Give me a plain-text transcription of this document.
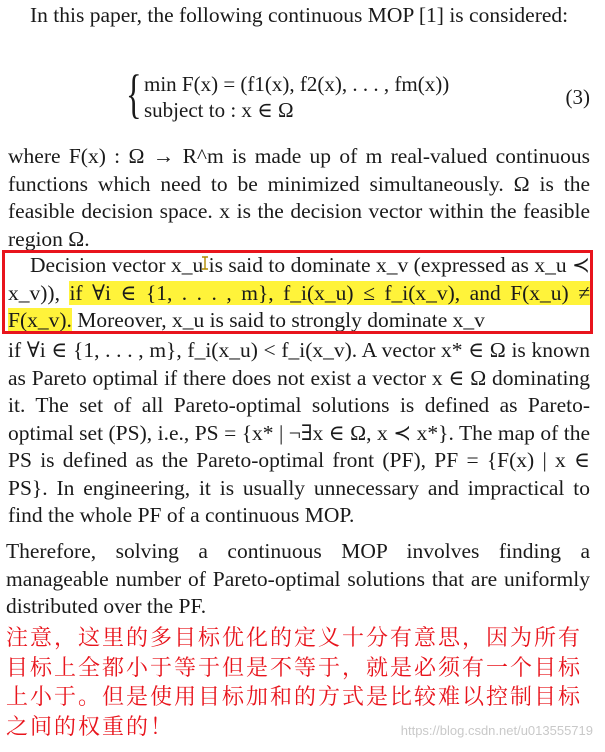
In this paper, the following continuous MOP [1] is considered:

{ min F(x) = (f1(x), f2(x), . . . , fm(x))
subject to : x ∈ Ω
(3)

where F(x) : Ω → R^m is made up of m real-valued continuous functions which need to be minimized simultaneously. Ω is the feasible decision space. x is the decision vector within the feasible region Ω.

Decision vector x_u is said to dominate x_v (expressed as x_u ≺ x_v)), if ∀i ∈ {1, . . . , m}, f_i(x_u) ≤ f_i(x_v), and F(x_u) ≠ F(x_v). Moreover, x_u is said to strongly dominate x_v

if ∀i ∈ {1, . . . , m}, f_i(x_u) < f_i(x_v). A vector x* ∈ Ω is known as Pareto optimal if there does not exist a vector x ∈ Ω dominating it. The set of all Pareto-optimal solutions is defined as Pareto-optimal set (PS), i.e., PS = {x* | ¬∃x ∈ Ω, x ≺ x*}. The map of the PS is defined as the Pareto-optimal front (PF), PF = {F(x) | x ∈ PS}. In engineering, it is usually unnecessary and impractical to find the whole PF of a continuous MOP.

Therefore, solving a continuous MOP involves finding a manageable number of Pareto-optimal solutions that are uniformly distributed over the PF.

注意，这里的多目标优化的定义十分有意思，因为所有目标上全都小于等于但是不等于，就是必须有一个目标上小于。但是使用目标加和的方式是比较难以控制目标之间的权重的！	https://blog.csdn.net/u013555719
